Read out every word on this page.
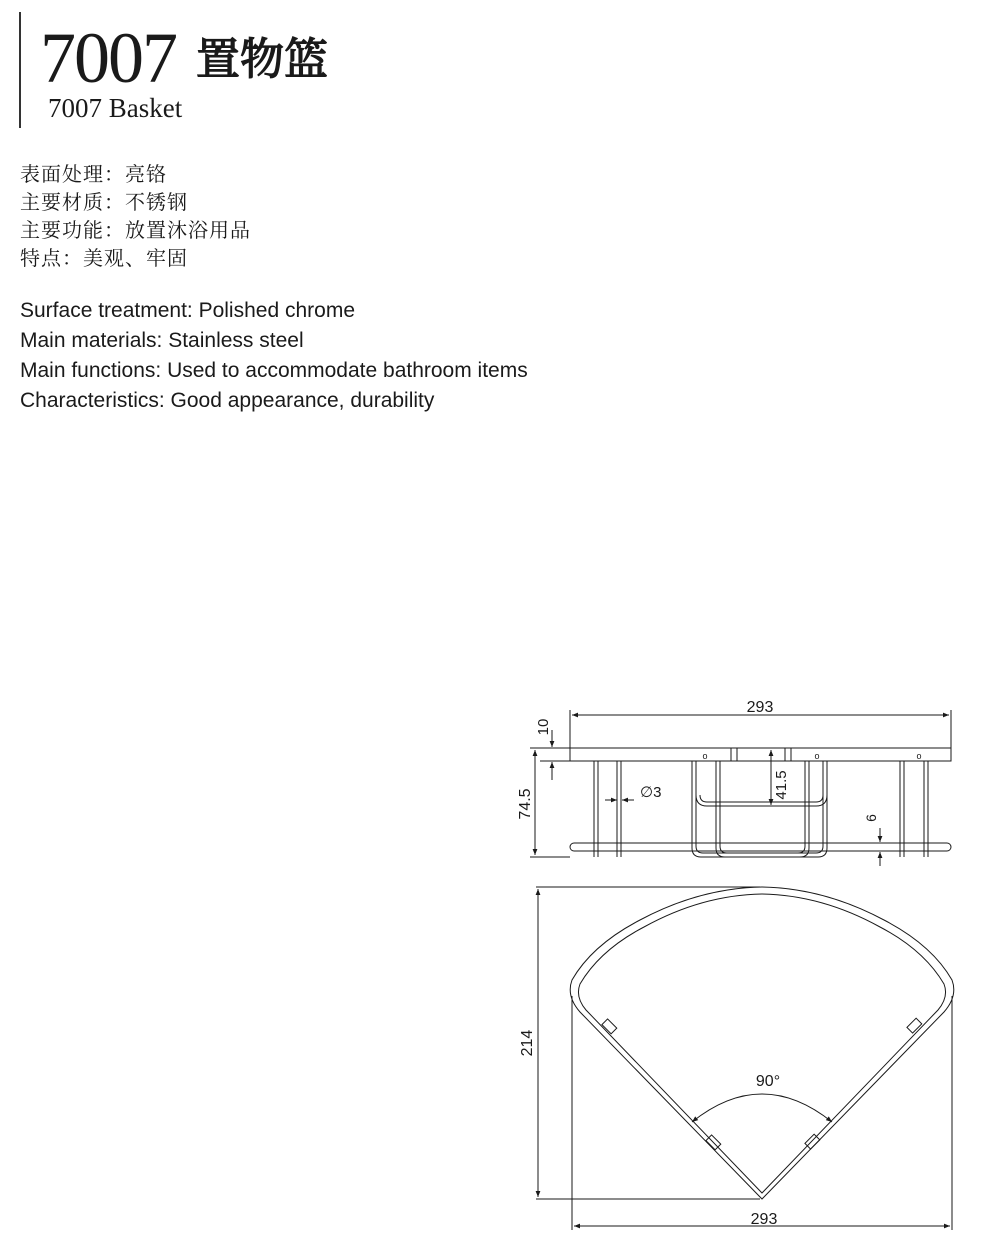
7007 置物篮
7007 Basket
表面处理：亮铬
主要材质：不锈钢
主要功能：放置沐浴用品
特点：美观、牢固
Surface treatment: Polished chrome
Main materials: Stainless steel
Main functions: Used to accommodate bathroom items
Characteristics: Good appearance, durability
293
10
74.5	∅3	41.5
6
o	o	o
214
90°
293
